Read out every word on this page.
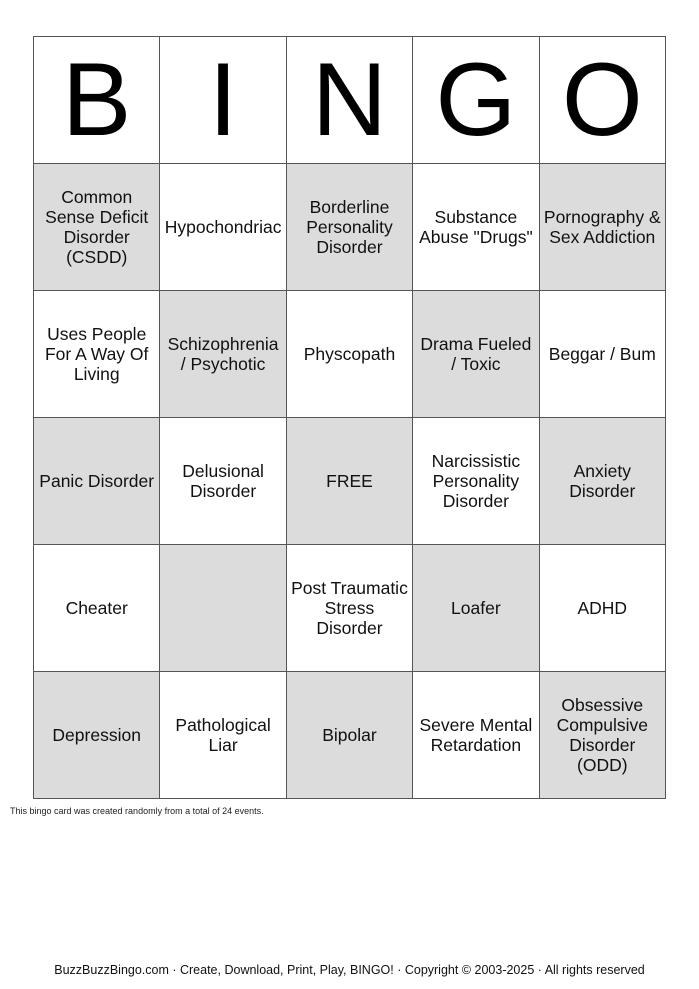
B	I	N	G	O
Common Sense Deficit Disorder (CSDD)	Hypochondriac	Borderline Personality Disorder	Substance Abuse "Drugs"	Pornography & Sex Addiction
Uses People For A Way Of Living	Schizophrenia / Psychotic	Physcopath	Drama Fueled / Toxic	Beggar / Bum
Panic Disorder	Delusional Disorder	FREE	Narcissistic Personality Disorder	Anxiety Disorder
Cheater		Post Traumatic Stress Disorder	Loafer	ADHD
Depression	Pathological Liar	Bipolar	Severe Mental Retardation	Obsessive Compulsive Disorder (ODD)
This bingo card was created randomly from a total of 24 events.
BuzzBuzzBingo.com · Create, Download, Print, Play, BINGO! · Copyright © 2003-2025 · All rights reserved
